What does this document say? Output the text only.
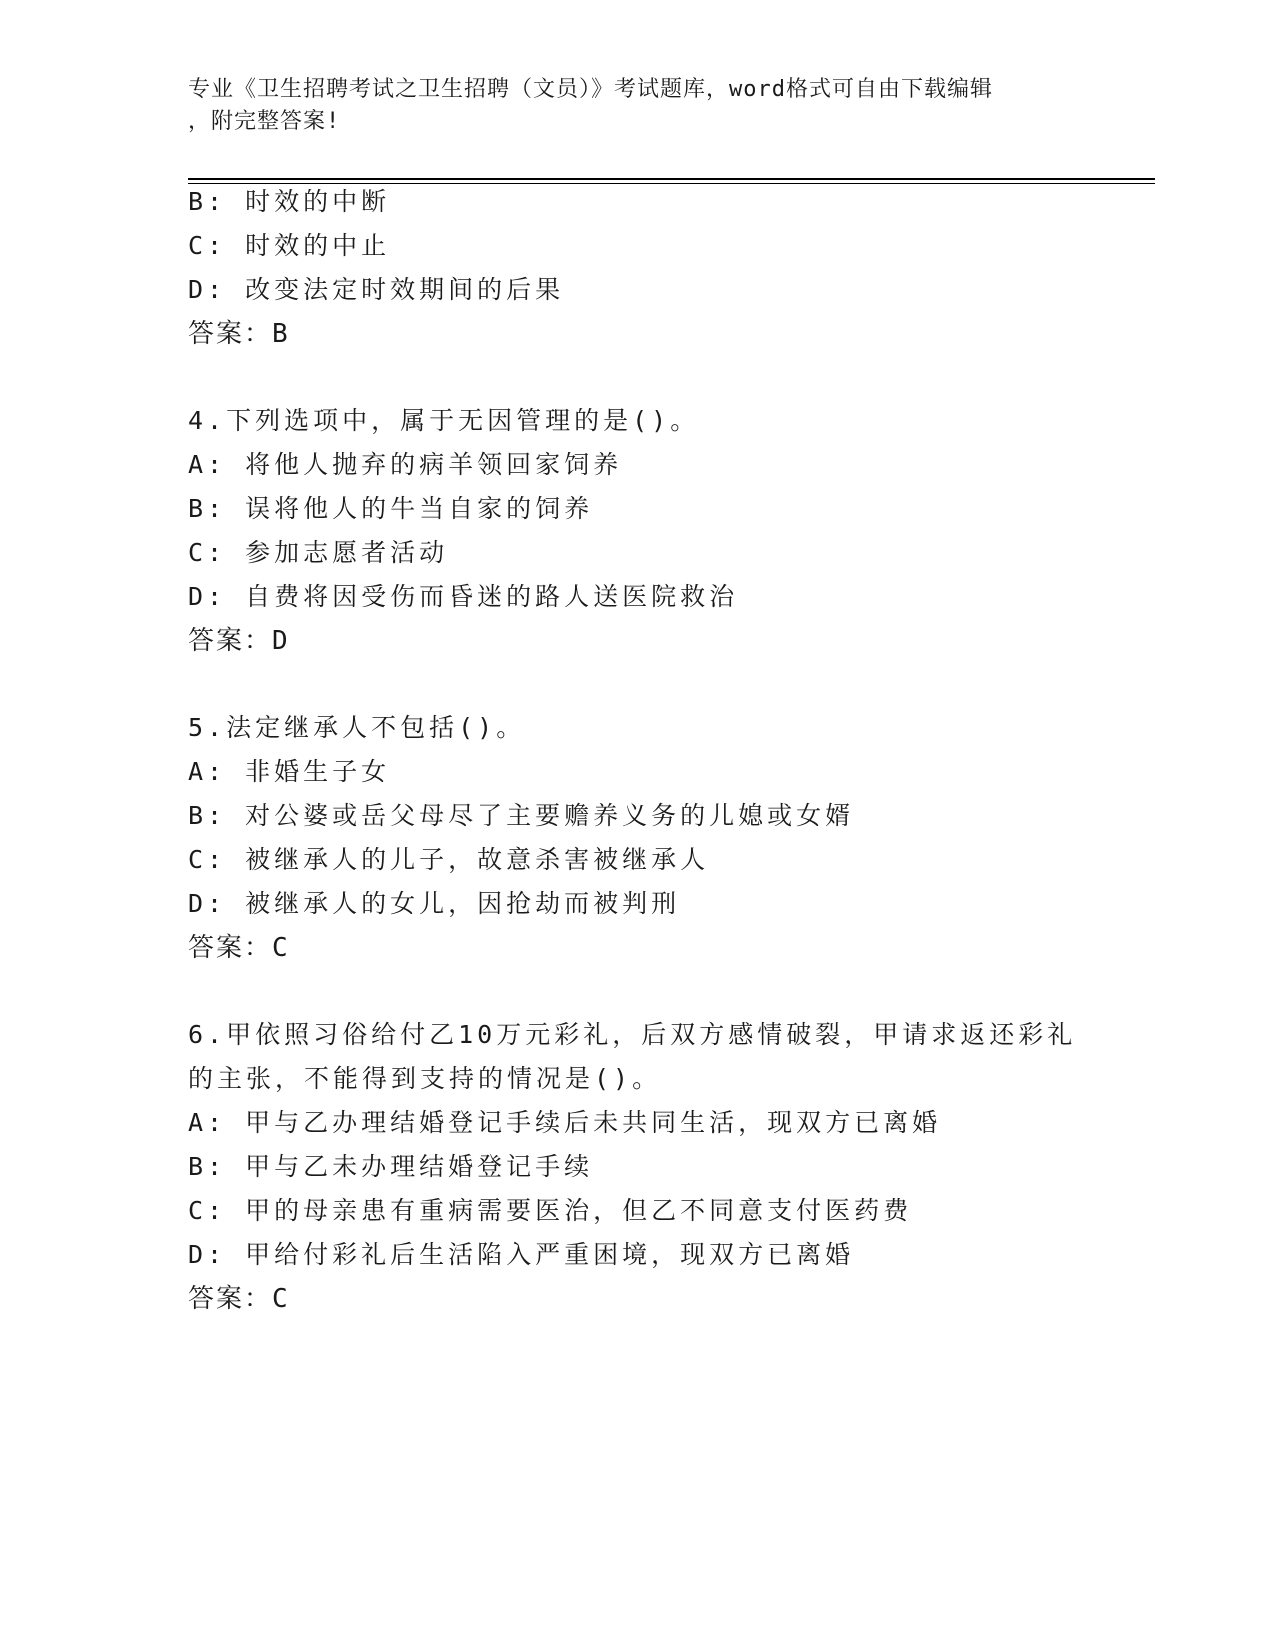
专业《卫生招聘考试之卫生招聘（文员）》考试题库，word格式可自由下载编辑
，附完整答案!
B: 时效的中断
C: 时效的中止
D: 改变法定时效期间的后果
答案：B
4.下列选项中，属于无因管理的是()。
A: 将他人抛弃的病羊领回家饲养
B: 误将他人的牛当自家的饲养
C: 参加志愿者活动
D: 自费将因受伤而昏迷的路人送医院救治
答案：D
5.法定继承人不包括()。
A: 非婚生子女
B: 对公婆或岳父母尽了主要赡养义务的儿媳或女婿
C: 被继承人的儿子，故意杀害被继承人
D: 被继承人的女儿，因抢劫而被判刑
答案：C
6.甲依照习俗给付乙10万元彩礼，后双方感情破裂，甲请求返还彩礼
的主张，不能得到支持的情况是()。
A: 甲与乙办理结婚登记手续后未共同生活，现双方已离婚
B: 甲与乙未办理结婚登记手续
C: 甲的母亲患有重病需要医治，但乙不同意支付医药费
D: 甲给付彩礼后生活陷入严重困境，现双方已离婚
答案：C
